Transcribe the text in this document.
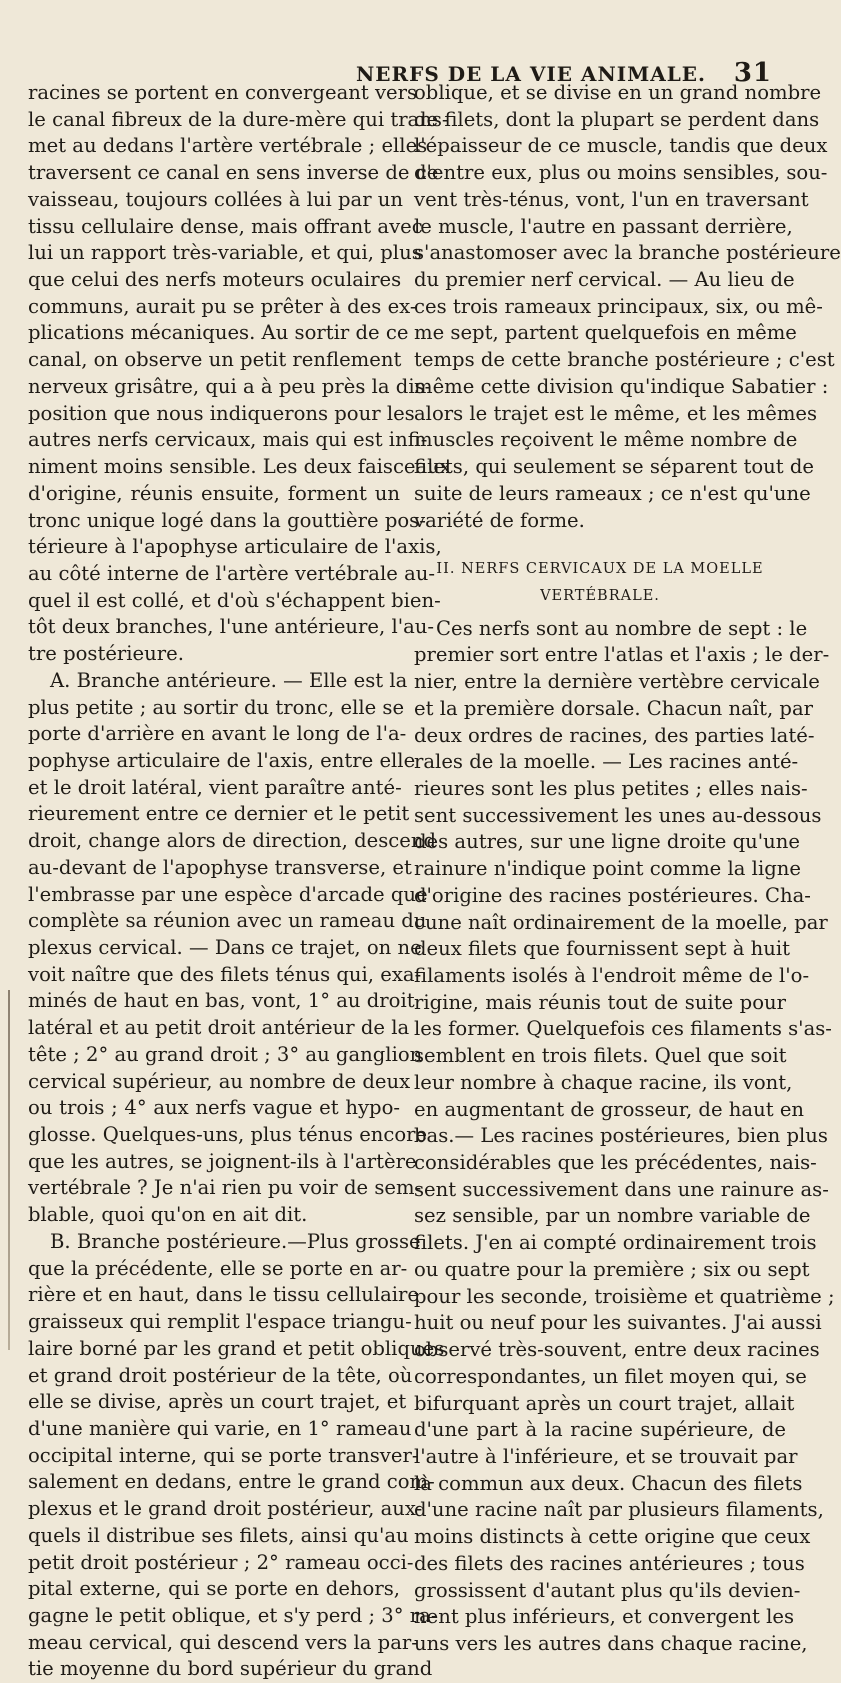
NERFS DE LA VIE ANIMALE. 31
racines se portent en convergeant vers
le canal fibreux de la dure-mère qui trans-
met au dedans l'artère vertébrale ; elles
traversent ce canal en sens inverse de ce
vaisseau, toujours collées à lui par un
tissu cellulaire dense, mais offrant avec
lui un rapport très-variable, et qui, plus
que celui des nerfs moteurs oculaires
communs, aurait pu se prêter à des ex-
plications mécaniques. Au sortir de ce
canal, on observe un petit renflement
nerveux grisâtre, qui a à peu près la dis-
position que nous indiquerons pour les
autres nerfs cervicaux, mais qui est infi-
niment moins sensible. Les deux faisceaux
d'origine, réunis ensuite, forment un
tronc unique logé dans la gouttière pos-
térieure à l'apophyse articulaire de l'axis,
au côté interne de l'artère vertébrale au-
quel il est collé, et d'où s'échappent bien-
tôt deux branches, l'une antérieure, l'au-
tre postérieure.
A. Branche antérieure. — Elle est la
plus petite ; au sortir du tronc, elle se
porte d'arrière en avant le long de l'a-
pophyse articulaire de l'axis, entre elle
et le droit latéral, vient paraître anté-
rieurement entre ce dernier et le petit
droit, change alors de direction, descend
au-devant de l'apophyse transverse, et
l'embrasse par une espèce d'arcade que
complète sa réunion avec un rameau du
plexus cervical. — Dans ce trajet, on ne
voit naître que des filets ténus qui, exa-
minés de haut en bas, vont, 1° au droit
latéral et au petit droit antérieur de la
tête ; 2° au grand droit ; 3° au ganglion
cervical supérieur, au nombre de deux
ou trois ; 4° aux nerfs vague et hypo-
glosse. Quelques-uns, plus ténus encore
que les autres, se joignent-ils à l'artère
vertébrale ? Je n'ai rien pu voir de sem-
blable, quoi qu'on en ait dit.
B. Branche postérieure.—Plus grosse
que la précédente, elle se porte en ar-
rière et en haut, dans le tissu cellulaire
graisseux qui remplit l'espace triangu-
laire borné par les grand et petit obliques
et grand droit postérieur de la tête, où
elle se divise, après un court trajet, et
d'une manière qui varie, en 1° rameau
occipital interne, qui se porte transver-
salement en dedans, entre le grand com-
plexus et le grand droit postérieur, aux-
quels il distribue ses filets, ainsi qu'au
petit droit postérieur ; 2° rameau occi-
pital externe, qui se porte en dehors,
gagne le petit oblique, et s'y perd ; 3° ra-
meau cervical, qui descend vers la par-
tie moyenne du bord supérieur du grand
oblique, et se divise en un grand nombre
de filets, dont la plupart se perdent dans
l'épaisseur de ce muscle, tandis que deux
d'entre eux, plus ou moins sensibles, sou-
vent très-ténus, vont, l'un en traversant
le muscle, l'autre en passant derrière,
s'anastomoser avec la branche postérieure
du premier nerf cervical. — Au lieu de
ces trois rameaux principaux, six, ou mê-
me sept, partent quelquefois en même
temps de cette branche postérieure ; c'est
même cette division qu'indique Sabatier :
alors le trajet est le même, et les mêmes
muscles reçoivent le même nombre de
filets, qui seulement se séparent tout de
suite de leurs rameaux ; ce n'est qu'une
variété de forme.
II. NERFS CERVICAUX DE LA MOELLE
VERTÉBRALE.
Ces nerfs sont au nombre de sept : le
premier sort entre l'atlas et l'axis ; le der-
nier, entre la dernière vertèbre cervicale
et la première dorsale. Chacun naît, par
deux ordres de racines, des parties laté-
rales de la moelle. — Les racines anté-
rieures sont les plus petites ; elles nais-
sent successivement les unes au-dessous
des autres, sur une ligne droite qu'une
rainure n'indique point comme la ligne
d'origine des racines postérieures. Cha-
cune naît ordinairement de la moelle, par
deux filets que fournissent sept à huit
filaments isolés à l'endroit même de l'o-
rigine, mais réunis tout de suite pour
les former. Quelquefois ces filaments s'as-
semblent en trois filets. Quel que soit
leur nombre à chaque racine, ils vont,
en augmentant de grosseur, de haut en
bas.— Les racines postérieures, bien plus
considérables que les précédentes, nais-
sent successivement dans une rainure as-
sez sensible, par un nombre variable de
filets. J'en ai compté ordinairement trois
ou quatre pour la première ; six ou sept
pour les seconde, troisième et quatrième ;
huit ou neuf pour les suivantes. J'ai aussi
observé très-souvent, entre deux racines
correspondantes, un filet moyen qui, se
bifurquant après un court trajet, allait
d'une part à la racine supérieure, de
l'autre à l'inférieure, et se trouvait par
là commun aux deux. Chacun des filets
d'une racine naît par plusieurs filaments,
moins distincts à cette origine que ceux
des filets des racines antérieures ; tous
grossissent d'autant plus qu'ils devien-
nent plus inférieurs, et convergent les
uns vers les autres dans chaque racine,
